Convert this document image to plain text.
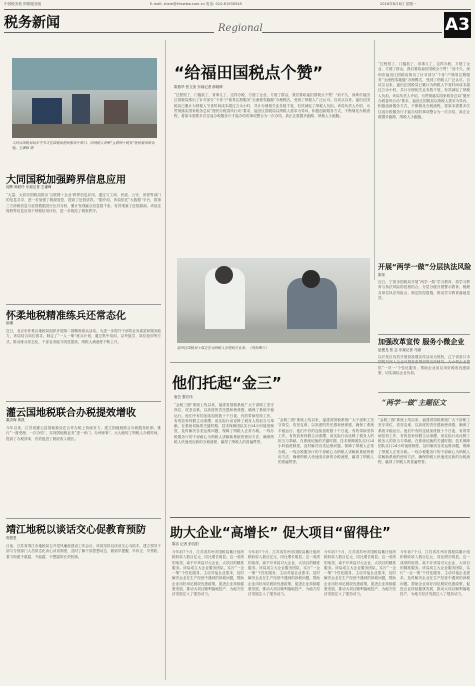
中国税务报 纳税服务版	E-mail: zhsm@zhswbw.com.cn 电话: 010-61930545	2016年8月8日 星期一
税务新闻	Regional	A3
天同市国税局局长李书文在国税局便民服务厅窗口，向纳税人讲解“互联网＋税务”便民服务新功能。王谦峰 摄
大同国税加强跨界信息应用
阎辉 韩跃玲 东郝记者 王谦峰
“大量、大同市国税局推出‘互联网＋企业’跨界信息应用，通过与工商、民政、公安、房管等部门的信息共享，进一步加强了税源管控，提高了征管质效。”据介绍，该局依托“大数据”平台，将第三方涉税信息与征管数据进行比对分析，累计发现疑点信息数千条，有效堵塞了征管漏洞。该局还将跨界信息应用于纳税信用评价，进一步规范了税收秩序。
怀柔地税精准练兵还常态化
崔曦
近日，北京市怀柔区地税局组织开展第二期精准练兵活动。为进一步提升干部的业务素质和服务能力，该局结合岗位需求，制定了“一人一策”练兵计划，通过集中培训、以考促学、岗位轮训等方式，推动练兵常态化，干部业务能力明显提高，纳税人满意度不断上升。
灌云国地税联合办税提效增收
董洪海 黄凯
今年以来，江苏省灌云县国地税局在合作办税上持续发力，建立国地税联合办税服务机制，推行“一窗受理、一次办结”，实现国地税业务“进一家门、办两家事”，大大缩短了纳税人办税时间，提高了办税效率，有效促进了税收收入增长。
靖江地税以谈话交心促教育预防
郭程恩
日前，江苏省靖江市地税局召开党风廉政建设工作会议，该局坚持以谈话交心为抓手，建立领导干部与分管部门人员常态化谈心谈话制度，及时了解干部思想动态，做到早提醒、早纠正、早预防，着力构建不敢腐、不能腐、不想腐的长效机制。
“给福田国税点个赞”
陈燕华 张文奎 东郝记者 薛晓晖
“过程短了，门槛低了，省事儿了，这样办税，方便了企业，方便了群众，我们要给福田国税点个赞！”前不久，深圳市福田区国税局推出了针对部分“个体”户简易注册服务“全流程零跑腿”办理模式，受到了纳税人广泛认可。自试点以来，福田区国税局已累计为纳税人节省时间成本超过万余小时，共计办理相关业务数千笔，有效减轻了纳税人负担。该局负责人介绍，为贯彻落实国家税务总局“便民办税春风行动”要求，福田区国税局以纳税人需求为导向，积极创新服务方式，不断简化办税流程，将原本需要多次往返办税服务厅才能办结的事项整合为一次办结，真正让数据多跑路、纳税人少跑腿。
“过程短了，门槛低了，省事儿了，这样办税，方便了企业，方便了群众，我们要给福田国税点个赞！”前不久，深圳市福田区国税局推出了针对部分“个体”户简易注册服务“全流程零跑腿”办理模式，受到了纳税人广泛认可。自试点以来，福田区国税局已累计为纳税人节省时间成本超过万余小时，共计办理相关业务数千笔，有效减轻了纳税人负担。该局负责人介绍，为贯彻落实国家税务总局“便民办税春风行动”要求，福田区国税局以纳税人需求为导向，积极创新服务方式，不断简化办税流程，将原本需要多次往返办税服务厅才能办结的事项整合为一次办结，真正让数据多跑路、纳税人少跑腿。
福田区国税局干部正在为纳税人办理相关业务。（资料图片）
开展“两学一做”分层执法风险
陈荣
近日，宁波市国税局开展“两学一做”学习教育，将学习教育与执法风险防范相结合，分层分级开展警示教育，梳理各岗位执法风险点，制定防控措施，推动学习教育落地见效。
加强改革宣传 服务小微企业
赵俊龙 张 志 东郝记者 马丽
以开发区有效开展营改增宣传活动为契机，辽宁省营口市国税局深入企业开展营改增政策宣传辅导，为小微企业提供“一对一”个性化服务，帮助企业用足用好税收优惠政策，切实减轻企业负担。
“两学一做”主题征文
他们托起“金三”
唐芸 黎宏伟
“金税三期”系统上线以来，福建省国税系统广大干部职工坚守岗位、攻坚克难，以高度的责任感和使命感，确保了系统平稳运行。他们中有的连续加班数十个日夜，有的带病坚持工作，有的放弃休假主动请缨，用实际行动诠释了税务人的担当与奉献。在系统切换的关键时期，技术保障团队实行24小时值班制度，及时解决各类运维问题，保障了纳税人正常办税。一线办税服务厅的干部耐心为纳税人讲解新系统的使用方法，确保纳税人快速适应新的办税流程，赢得了纳税人的普遍赞誉。
“金税三期”系统上线以来，福建省国税系统广大干部职工坚守岗位、攻坚克难，以高度的责任感和使命感，确保了系统平稳运行。他们中有的连续加班数十个日夜，有的带病坚持工作，有的放弃休假主动请缨，用实际行动诠释了税务人的担当与奉献。在系统切换的关键时期，技术保障团队实行24小时值班制度，及时解决各类运维问题，保障了纳税人正常办税。一线办税服务厅的干部耐心为纳税人讲解新系统的使用方法，确保纳税人快速适应新的办税流程，赢得了纳税人的普遍赞誉。
“金税三期”系统上线以来，福建省国税系统广大干部职工坚守岗位、攻坚克难，以高度的责任感和使命感，确保了系统平稳运行。他们中有的连续加班数十个日夜，有的带病坚持工作，有的放弃休假主动请缨，用实际行动诠释了税务人的担当与奉献。在系统切换的关键时期，技术保障团队实行24小时值班制度，及时解决各类运维问题，保障了纳税人正常办税。一线办税服务厅的干部耐心为纳税人讲解新系统的使用方法，确保纳税人快速适应新的办税流程，赢得了纳税人的普遍赞誉。
助大企业“高增长” 促大项目“留得住”
陈洁 记者 彭沈阳
今年前7个月，江苏省苏州市国税局累计组织税收收入数百亿元，同比增长明显。这一成绩的取得，离不开该局对大企业、大项目的精准服务。该局成立大企业服务团队，实行“一企一策”个性化服务，主动对接企业需求，及时解决企业在生产经营中遇到的涉税问题，帮助企业用好用足税收优惠政策，促进企业持续健康发展，推动大项目顺利落地投产，为地方经济发展注入了强劲动力。
今年前7个月，江苏省苏州市国税局累计组织税收收入数百亿元，同比增长明显。这一成绩的取得，离不开该局对大企业、大项目的精准服务。该局成立大企业服务团队，实行“一企一策”个性化服务，主动对接企业需求，及时解决企业在生产经营中遇到的涉税问题，帮助企业用好用足税收优惠政策，促进企业持续健康发展，推动大项目顺利落地投产，为地方经济发展注入了强劲动力。
今年前7个月，江苏省苏州市国税局累计组织税收收入数百亿元，同比增长明显。这一成绩的取得，离不开该局对大企业、大项目的精准服务。该局成立大企业服务团队，实行“一企一策”个性化服务，主动对接企业需求，及时解决企业在生产经营中遇到的涉税问题，帮助企业用好用足税收优惠政策，促进企业持续健康发展，推动大项目顺利落地投产，为地方经济发展注入了强劲动力。
今年前7个月，江苏省苏州市国税局累计组织税收收入数百亿元，同比增长明显。这一成绩的取得，离不开该局对大企业、大项目的精准服务。该局成立大企业服务团队，实行“一企一策”个性化服务，主动对接企业需求，及时解决企业在生产经营中遇到的涉税问题，帮助企业用好用足税收优惠政策，促进企业持续健康发展，推动大项目顺利落地投产，为地方经济发展注入了强劲动力。
